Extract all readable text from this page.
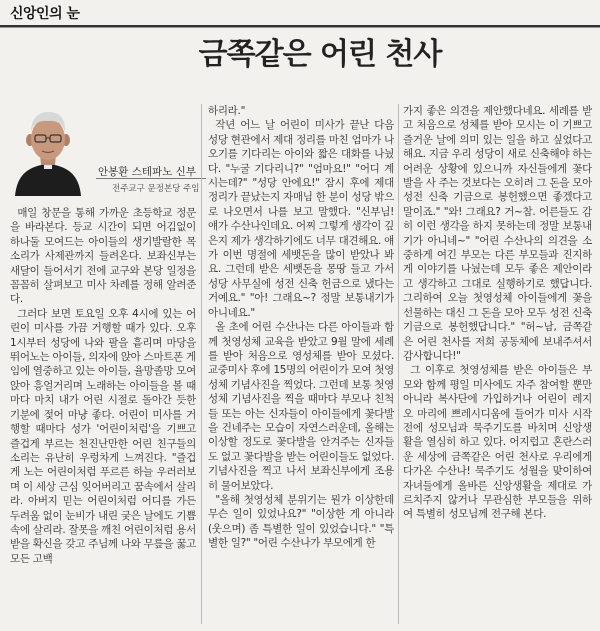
신앙인의 눈
금쪽같은 어린 천사
안봉환 스테파노 신부
전주교구 문정본당 주임

매일 창문을 통해 가까운 초등학교 정문을 바라본다. 등교 시간이 되면 어김없이 하나둘 모여드는 아이들의 생기발랄한 목소리가 사제관까지 들려온다. 보좌신부는 새달이 들어서기 전에 교구와 본당 일정을 꼼꼼히 살펴보고 미사 차례를 정해 알려준다.

그러다 보면 토요일 오후 4시에 있는 어린이 미사를 가끔 거행할 때가 있다. 오후 1시부터 성당에 나와 팔을 흩리며 마당을 뛰어노는 아이들, 의자에 앉아 스마트폰 게임에 열중하고 있는 아이들, 율망졸망 모여 앉아 흥얼거리며 노래하는 아이들을 볼 때마다 마치 내가 어린 시절로 돌아간 듯한 기분에 젖어 마냥 좋다. 어린이 미사를 거행할 때마다 성가 '어린이처럼'을 기쁘고 즐겁게 부르는 천진난만한 어린 친구들의 소리는 유난히 우렁차게 느껴진다. "즐겁게 노는 어린이처럼 푸르른 하늘 우러러보며 이 세상 근심 잊어버리고 꿈속에서 살리라. 아버지 믿는 어린이처럼 어디를 가든 두려움 없이 눈비가 내린 궂은 날에도 기쁨 속에 살리라. 잘못을 깨친 어린이처럼 용서받을 확신을 갖고 주님께 나와 무릎을 꿇고 모든 고백

하리라."

작년 어느 날 어린이 미사가 끝난 다음 성당 현관에서 제대 정리를 마친 엄마가 나오기를 기다리는 아이와 짧은 대화를 나눴다. "누굴 기다리니?" "엄마요!" "어디 계시는데?" "성당 안에요!" 잠시 후에 제대 정리가 끝났는지 자매님 한 분이 성당 밖으로 나오면서 나를 보고 말했다. "신부님! 얘가 수산나인데요. 어찌 그렇게 생각이 깊은지 제가 생각하기에도 너무 대견해요. 얘가 이번 명절에 세뱃돈을 많이 받았나 봐요. 그런데 받은 세뱃돈을 몽땅 들고 가서 성당 사무실에 성전 신축 헌금으로 냈다는 거예요." "아! 그래요~? 정말 보통내기가 아니네요."

올 초에 어린 수산나는 다른 아이들과 함께 첫영성체 교육을 받았고 9월 말에 세례를 받아 처음으로 영성체를 받아 모셨다. 교중미사 후에 15명의 어린이가 모여 첫영성체 기념사진을 찍었다. 그런데 보통 첫영성체 기념사진을 찍을 때마다 부모나 친척들 또는 아는 신자들이 아이들에게 꽃다발을 건네주는 모습이 자연스러운데, 올해는 이상할 정도로 꽃다발을 안겨주는 신자들도 없고 꽃다발을 받는 어린이들도 없었다. 기념사진을 찍고 나서 보좌신부에게 조용히 물어보았다.

"올해 첫영성체 분위기는 뭔가 이상한데 무슨 일이 있었나요?" "이상한 게 아니라 (웃으며) 좀 특별한 일이 있었습니다." "특별한 일?" "어린 수산나가 부모에게 한

가지 좋은 의견을 제안했다네요. 세례를 받고 처음으로 성체를 받아 모시는 이 기쁘고 즐거운 날에 의미 있는 일을 하고 싶었다고 해요. 지금 우리 성당이 새로 신축해야 하는 어려운 상황에 있으니까 자신들에게 꽃다발을 사 주는 것보다는 오히려 그 돈을 모아 성전 신축 기금으로 봉헌했으면 좋겠다고 말이죠." "와! 그래요? 거~참. 어른들도 감히 이런 생각을 하지 못하는데 정말 보통내기가 아니네~" "어린 수산나의 의견을 소중하게 여긴 부모는 다른 부모들과 진지하게 이야기를 나눴는데 모두 좋은 제안이라고 생각하고 그대로 실행하기로 했답니다. 그리하여 오늘 첫영성체 아이들에게 꽃을 선물하는 대신 그 돈을 모아 모두 성전 신축 기금으로 봉헌했답니다." "허~남, 금쪽같은 어린 천사를 저희 공동체에 보내주셔서 감사합니다!"

그 이후로 첫영성체를 받은 아이들은 부모와 함께 평일 미사에도 자주 참여할 뿐만 아니라 복사단에 가입하거나 어린이 레지오 마리에 쁘레시디움에 들어가 미사 시작 전에 성모님과 묵주기도를 바치며 신앙생활을 열심히 하고 있다. 어지럽고 혼란스러운 세상에 금쪽같은 어린 천사로 우리에게 다가온 수산나! 묵주기도 성월을 맞이하여 자녀들에게 올바른 신앙생활을 제대로 가르치주지 않거나 무관심한 부모들을 위하여 특별히 성모님께 전구해 본다.
